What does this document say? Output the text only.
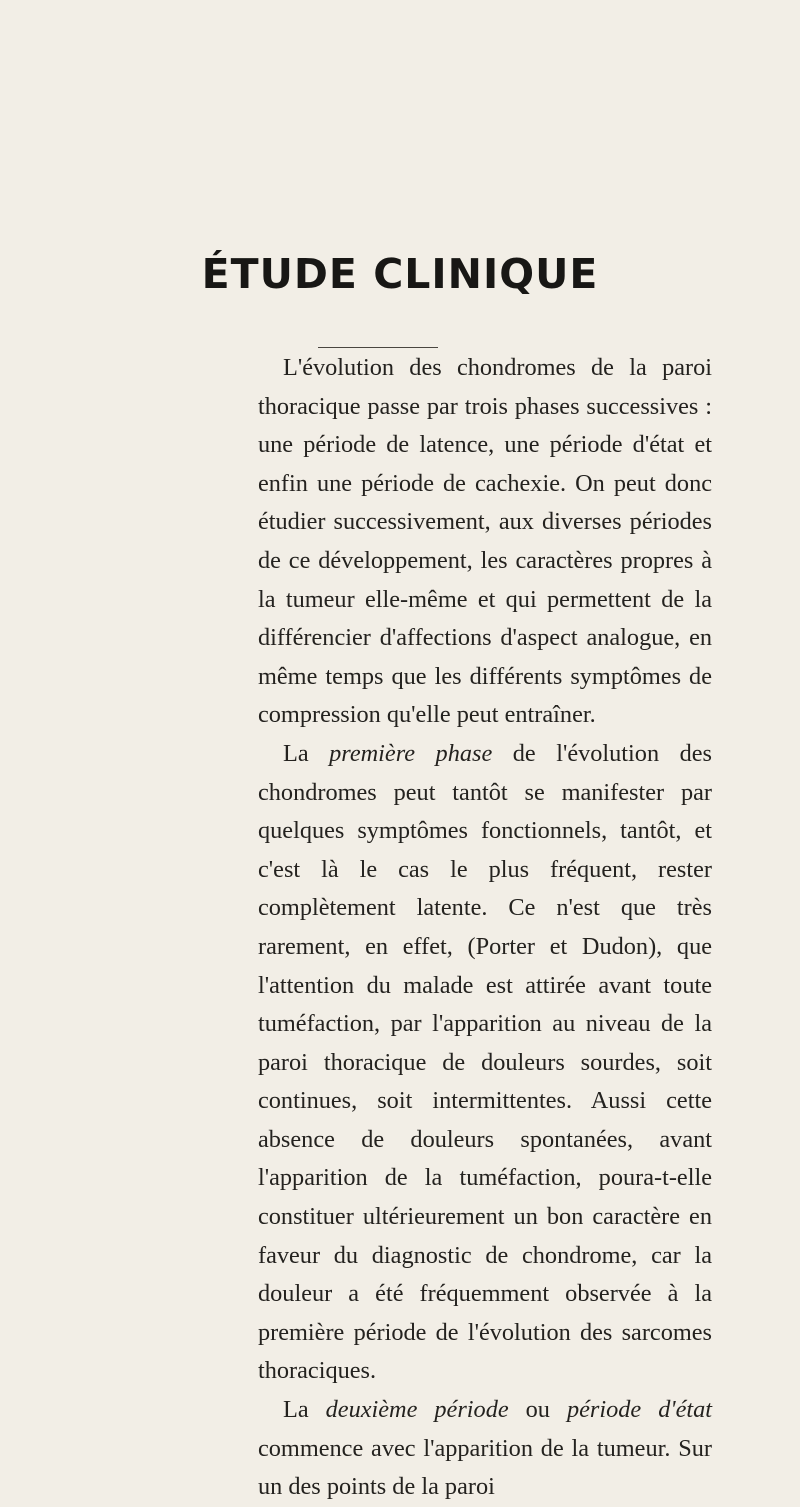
ÉTUDE CLINIQUE

L'évolution des chondromes de la paroi thoracique passe par trois phases successives : une période de latence, une période d'état et enfin une période de cachexie. On peut donc étudier successivement, aux diverses périodes de ce développement, les caractères propres à la tumeur elle-même et qui permettent de la différencier d'affections d'aspect analogue, en même temps que les différents symptômes de compression qu'elle peut entraîner.

La première phase de l'évolution des chondromes peut tantôt se manifester par quelques symptômes fonctionnels, tantôt, et c'est là le cas le plus fréquent, rester complètement latente. Ce n'est que très rarement, en effet, (Porter et Dudon), que l'attention du malade est attirée avant toute tuméfaction, par l'apparition au niveau de la paroi thoracique de douleurs sourdes, soit continues, soit intermittentes. Aussi cette absence de douleurs spontanées, avant l'apparition de la tuméfaction, poura-t-elle constituer ultérieurement un bon caractère en faveur du diagnostic de chondrome, car la douleur a été fréquemment observée à la première période de l'évolution des sarcomes thoraciques.

La deuxième période ou période d'état commence avec l'apparition de la tumeur. Sur un des points de la paroi
